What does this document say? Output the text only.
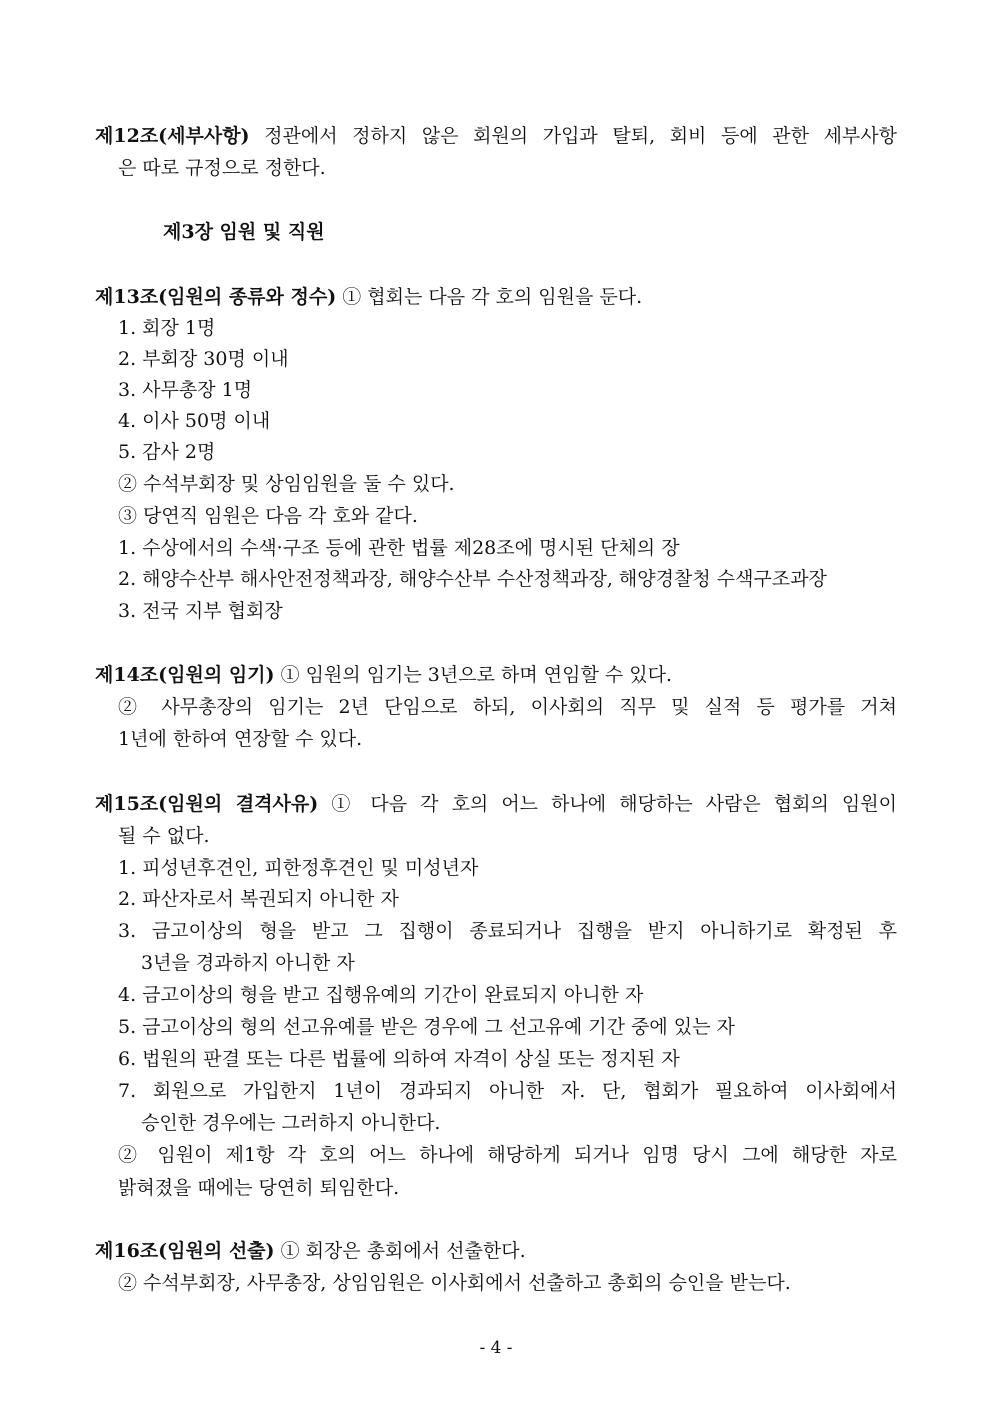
제12조(세부사항) 정관에서 정하지 않은 회원의 가입과 탈퇴, 회비 등에 관한 세부사항
은 따로 규정으로 정한다.
제3장 임원 및 직원
제13조(임원의 종류와 정수) ① 협회는 다음 각 호의 임원을 둔다.
1. 회장 1명
2. 부회장 30명 이내
3. 사무총장 1명
4. 이사 50명 이내
5. 감사 2명
② 수석부회장 및 상임임원을 둘 수 있다.
③ 당연직 임원은 다음 각 호와 같다.
1. 수상에서의 수색·구조 등에 관한 법률 제28조에 명시된 단체의 장
2. 해양수산부 해사안전정책과장, 해양수산부 수산정책과장, 해양경찰청 수색구조과장
3. 전국 지부 협회장
제14조(임원의 임기) ① 임원의 임기는 3년으로 하며 연임할 수 있다.
② 사무총장의 임기는 2년 단임으로 하되, 이사회의 직무 및 실적 등 평가를 거쳐
1년에 한하여 연장할 수 있다.
제15조(임원의 결격사유) ① 다음 각 호의 어느 하나에 해당하는 사람은 협회의 임원이
될 수 없다.
1. 피성년후견인, 피한정후견인 및 미성년자
2. 파산자로서 복권되지 아니한 자
3. 금고이상의 형을 받고 그 집행이 종료되거나 집행을 받지 아니하기로 확정된 후
3년을 경과하지 아니한 자
4. 금고이상의 형을 받고 집행유예의 기간이 완료되지 아니한 자
5. 금고이상의 형의 선고유예를 받은 경우에 그 선고유예 기간 중에 있는 자
6. 법원의 판결 또는 다른 법률에 의하여 자격이 상실 또는 정지된 자
7. 회원으로 가입한지 1년이 경과되지 아니한 자. 단, 협회가 필요하여 이사회에서
승인한 경우에는 그러하지 아니한다.
② 임원이 제1항 각 호의 어느 하나에 해당하게 되거나 임명 당시 그에 해당한 자로
밝혀졌을 때에는 당연히 퇴임한다.
제16조(임원의 선출) ① 회장은 총회에서 선출한다.
② 수석부회장, 사무총장, 상임임원은 이사회에서 선출하고 총회의 승인을 받는다.
- 4 -
